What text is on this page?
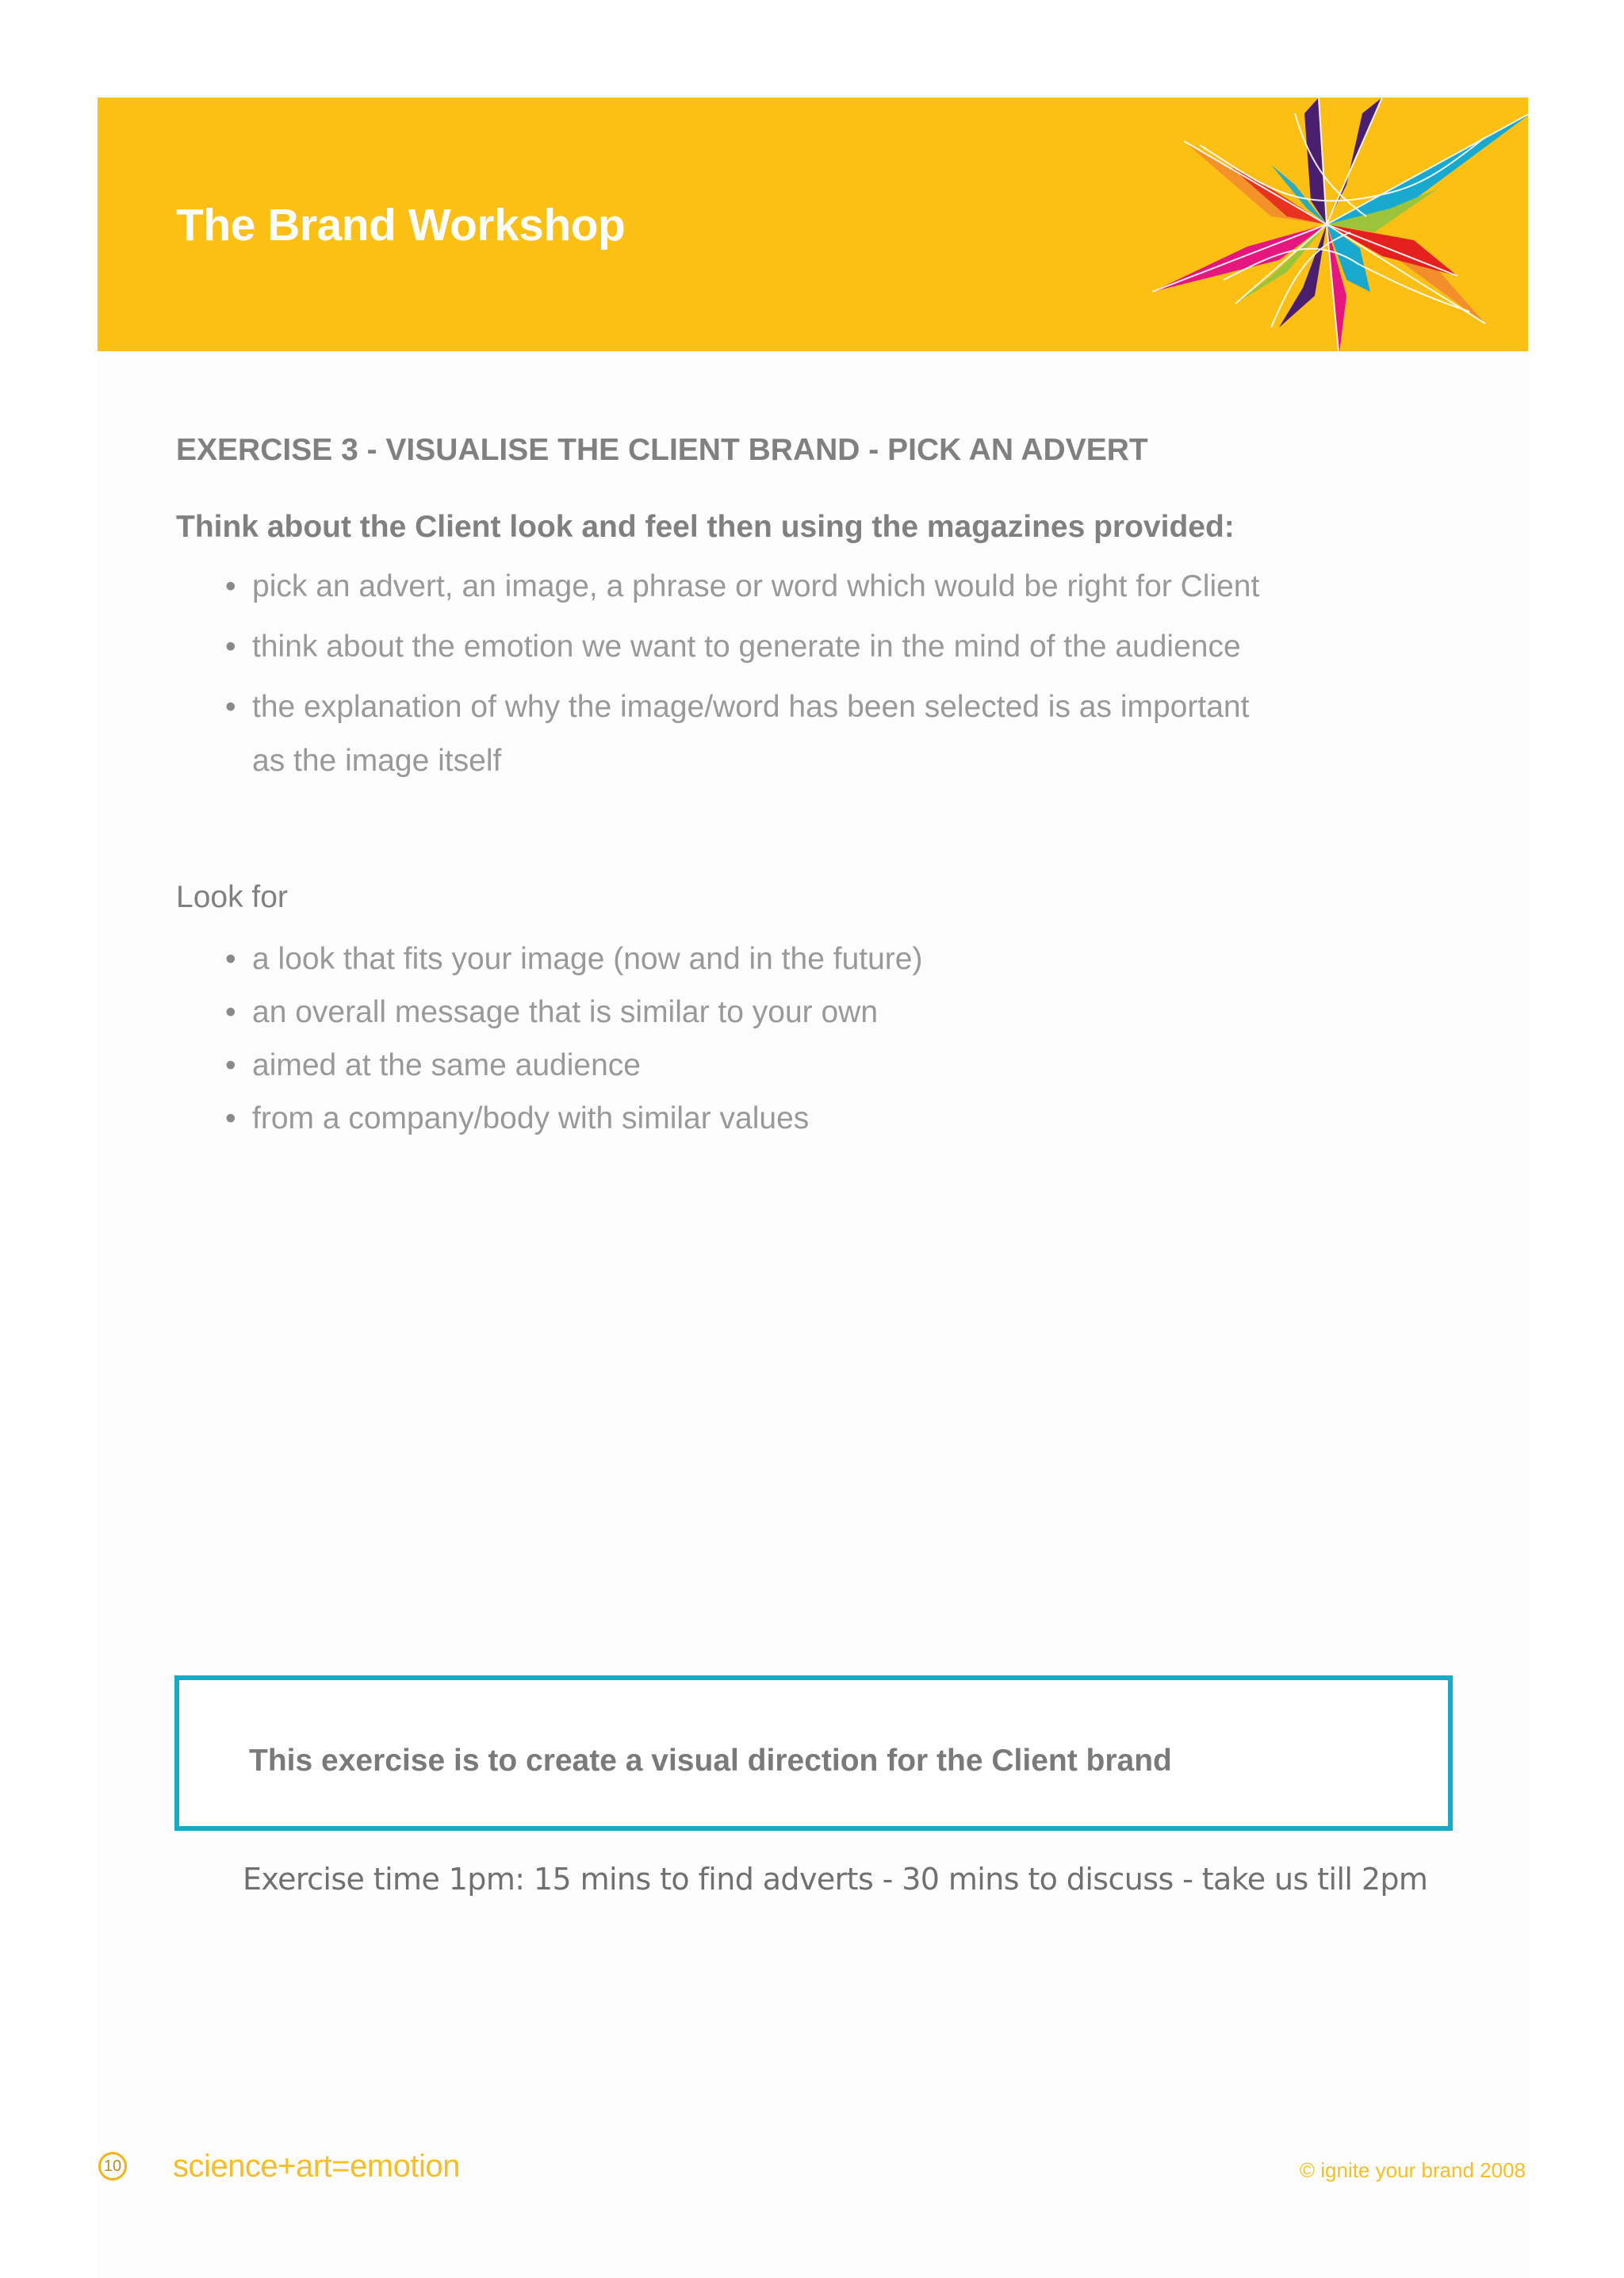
The Brand Workshop
EXERCISE 3 - VISUALISE THE CLIENT BRAND - PICK AN ADVERT
Think about the Client look and feel then using the magazines provided:
• pick an advert, an image, a phrase or word which would be right for Client
• think about the emotion we want to generate in the mind of the audience
• the explanation of why the image/word has been selected is as important as the image itself
Look for
• a look that fits your image (now and in the future)
• an overall message that is similar to your own
• aimed at the same audience
• from a company/body with similar values
This exercise is to create a visual direction for the Client brand
Exercise time 1pm: 15 mins to find adverts - 30 mins to discuss - take us till 2pm
10 science+art=emotion	© ignite your brand 2008
